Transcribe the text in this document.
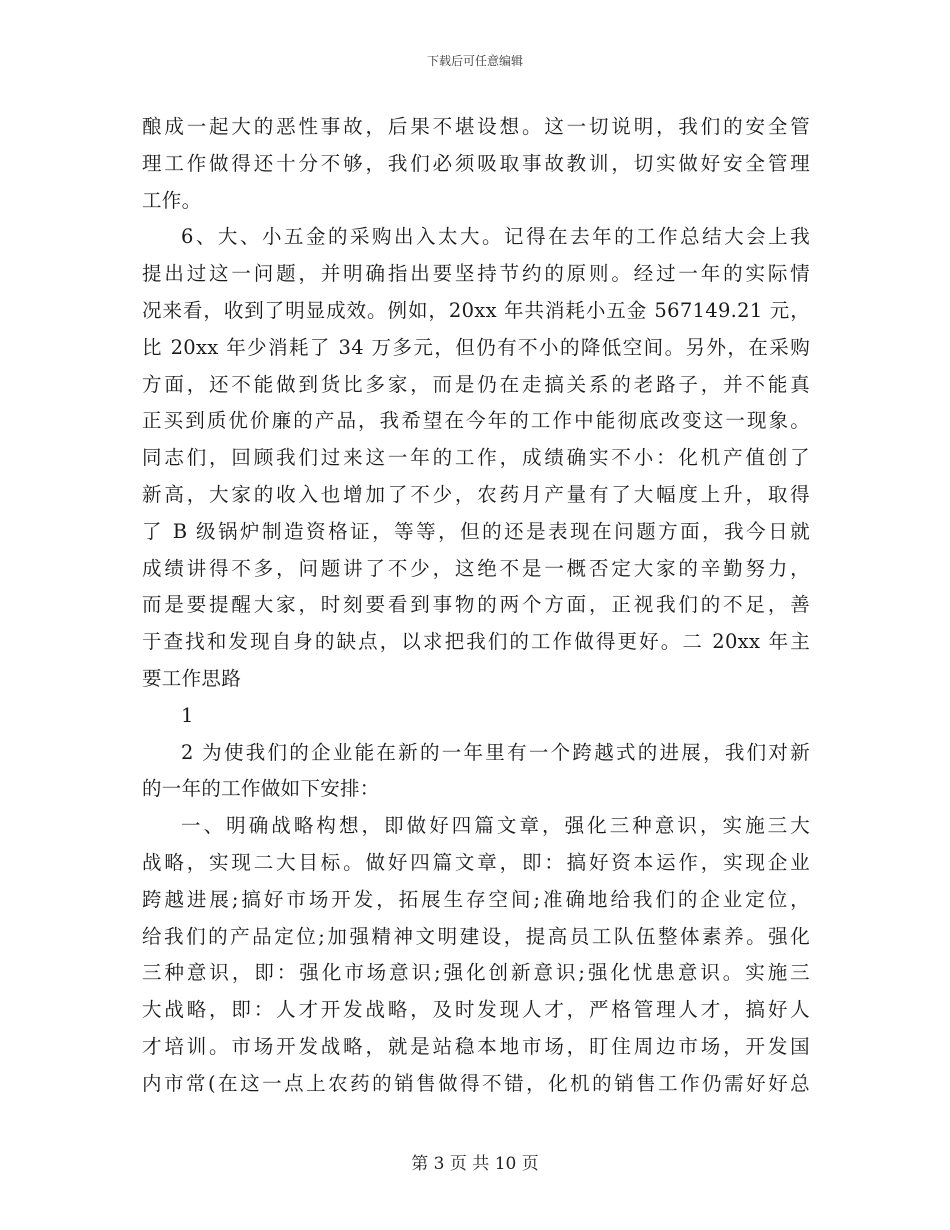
下载后可任意编辑
酿成一起大的恶性事故，后果不堪设想。这一切说明，我们的安全管
理工作做得还十分不够，我们必须吸取事故教训，切实做好安全管理
工作。
6、大、小五金的采购出入太大。记得在去年的工作总结大会上我
提出过这一问题，并明确指出要坚持节约的原则。经过一年的实际情
况来看，收到了明显成效。例如，20xx 年共消耗小五金 567149.21 元，
比 20xx 年少消耗了 34 万多元，但仍有不小的降低空间。另外，在采购
方面，还不能做到货比多家，而是仍在走搞关系的老路子，并不能真
正买到质优价廉的产品，我希望在今年的工作中能彻底改变这一现象。
同志们，回顾我们过来这一年的工作，成绩确实不小：化机产值创了
新高，大家的收入也增加了不少，农药月产量有了大幅度上升，取得
了 B 级锅炉制造资格证，等等，但的还是表现在问题方面，我今日就
成绩讲得不多，问题讲了不少，这绝不是一概否定大家的辛勤努力，
而是要提醒大家，时刻要看到事物的两个方面，正视我们的不足，善
于查找和发现自身的缺点，以求把我们的工作做得更好。二 20xx 年主
要工作思路
1
2 为使我们的企业能在新的一年里有一个跨越式的进展，我们对新
的一年的工作做如下安排：
一、明确战略构想，即做好四篇文章，强化三种意识，实施三大
战略，实现二大目标。做好四篇文章，即：搞好资本运作，实现企业
跨越进展;搞好市场开发，拓展生存空间;准确地给我们的企业定位，
给我们的产品定位;加强精神文明建设，提高员工队伍整体素养。强化
三种意识，即：强化市场意识;强化创新意识;强化忧患意识。实施三
大战略，即：人才开发战略，及时发现人才，严格管理人才，搞好人
才培训。市场开发战略，就是站稳本地市场，盯住周边市场，开发国
内市常(在这一点上农药的销售做得不错，化机的销售工作仍需好好总
第 3 页 共 10 页
